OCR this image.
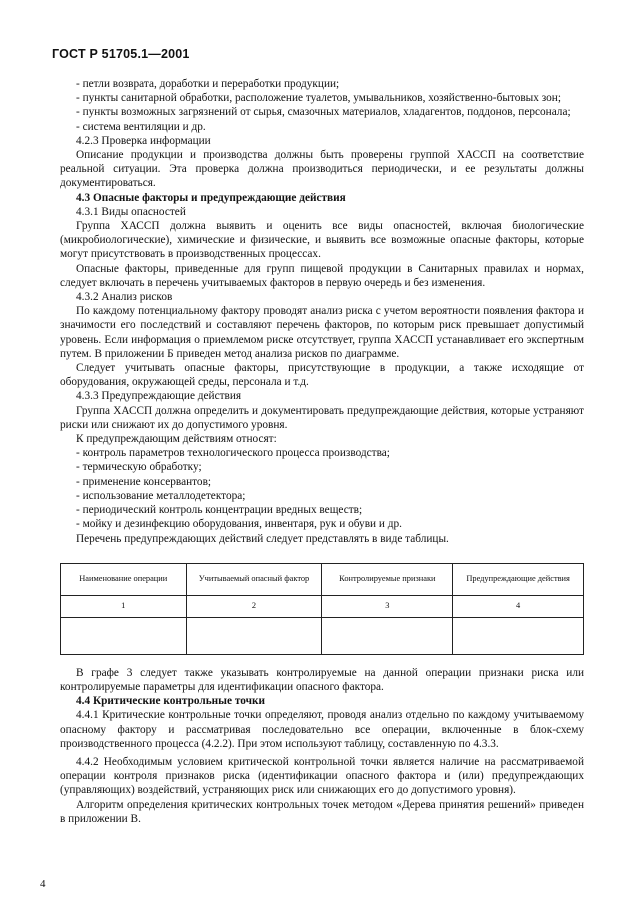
ГОСТ Р 51705.1—2001

- петли возврата, доработки и переработки продукции;

- пункты санитарной обработки, расположение туалетов, умывальников, хозяйственно-бытовых зон;

- пункты возможных загрязнений от сырья, смазочных материалов, хладагентов, поддонов, персонала;

- система вентиляции и др.

4.2.3 Проверка информации

Описание продукции и производства должны быть проверены группой ХАССП на соответствие реальной ситуации. Эта проверка должна производиться периодически, и ее результаты должны документироваться.

4.3 Опасные факторы и предупреждающие действия

4.3.1 Виды опасностей

Группа ХАССП должна выявить и оценить все виды опасностей, включая биологические (микробиологические), химические и физические, и выявить все возможные опасные факторы, которые могут присутствовать в производственных процессах.

Опасные факторы, приведенные для групп пищевой продукции в Санитарных правилах и нормах, следует включать в перечень учитываемых факторов в первую очередь и без изменения.

4.3.2 Анализ рисков

По каждому потенциальному фактору проводят анализ риска с учетом вероятности появления фактора и значимости его последствий и составляют перечень факторов, по которым риск превышает допустимый уровень. Если информация о приемлемом риске отсутствует, группа ХАССП устанавливает его экспертным путем. В приложении Б приведен метод анализа рисков по диаграмме.

Следует учитывать опасные факторы, присутствующие в продукции, а также исходящие от оборудования, окружающей среды, персонала и т.д.

4.3.3 Предупреждающие действия

Группа ХАССП должна определить и документировать предупреждающие действия, которые устраняют риски или снижают их до допустимого уровня.

К предупреждающим действиям относят:

- контроль параметров технологического процесса производства;

- термическую обработку;

- применение консервантов;

- использование металлодетектора;

- периодический контроль концентрации вредных веществ;

- мойку и дезинфекцию оборудования, инвентаря, рук и обуви и др.

Перечень предупреждающих действий следует представлять в виде таблицы.

Наименование операции	Учитываемый опасный фактор	Контролируемые признаки	Предупреждающие действия
1	2	3	4

В графе 3 следует также указывать контролируемые на данной операции признаки риска или контролируемые параметры для идентификации опасного фактора.

4.4 Критические контрольные точки

4.4.1 Критические контрольные точки определяют, проводя анализ отдельно по каждому учитываемому опасному фактору и рассматривая последовательно все операции, включенные в блок-схему производственного процесса (4.2.2). При этом используют таблицу, составленную по 4.3.3.

4.4.2 Необходимым условием критической контрольной точки является наличие на рассматриваемой операции контроля признаков риска (идентификации опасного фактора и (или) предупреждающих (управляющих) воздействий, устраняющих риск или снижающих его до допустимого уровня).

Алгоритм определения критических контрольных точек методом «Дерева принятия решений» приведен в приложении В.

4
